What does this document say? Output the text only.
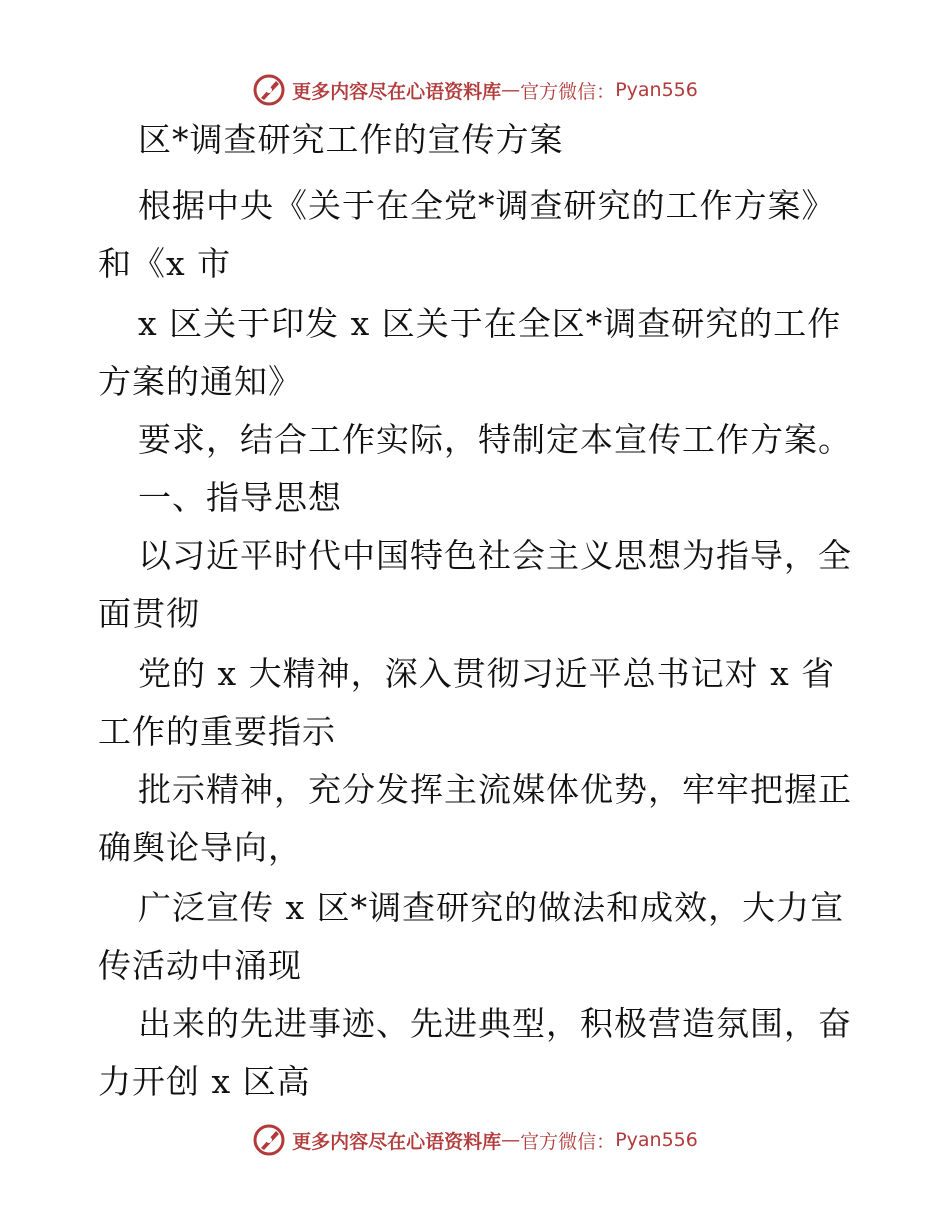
更多内容尽在心语资料库 — 官方微信： Pyan556
区*调查研究工作的宣传方案
根据中央《关于在全党*调查研究的工作方案》
和《x 市
x 区关于印发 x 区关于在全区*调查研究的工作
方案的通知》
要求，结合工作实际，特制定本宣传工作方案。
一、指导思想
以习近平时代中国特色社会主义思想为指导，全
面贯彻
党的 x 大精神，深入贯彻习近平总书记对 x 省
工作的重要指示
批示精神，充分发挥主流媒体优势，牢牢把握正
确舆论导向，
广泛宣传 x 区*调查研究的做法和成效，大力宣
传活动中涌现
出来的先进事迹、先进典型，积极营造氛围，奋
力开创 x 区高
更多内容尽在心语资料库 — 官方微信： Pyan556
